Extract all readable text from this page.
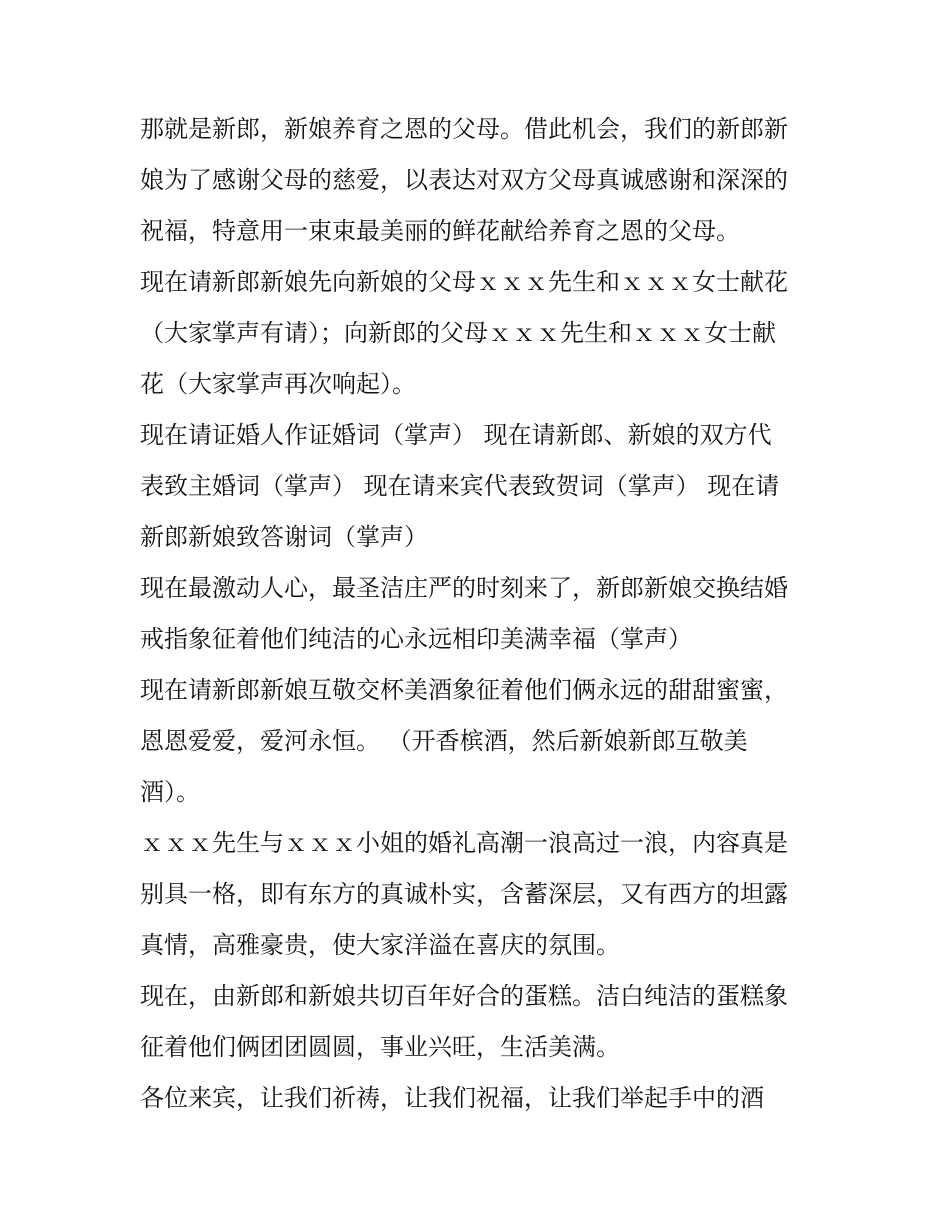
那就是新郎，新娘养育之恩的父母。借此机会，我们的新郎新
娘为了感谢父母的慈爱，以表达对双方父母真诚感谢和深深的
祝福，特意用一束束最美丽的鲜花献给养育之恩的父母。
现在请新郎新娘先向新娘的父母ｘｘｘ先生和ｘｘｘ女士献花
（大家掌声有请）；向新郎的父母ｘｘｘ先生和ｘｘｘ女士献
花（大家掌声再次响起）。
现在请证婚人作证婚词（掌声） 现在请新郎、新娘的双方代
表致主婚词（掌声） 现在请来宾代表致贺词（掌声） 现在请
新郎新娘致答谢词（掌声）
现在最激动人心，最圣洁庄严的时刻来了，新郎新娘交换结婚
戒指象征着他们纯洁的心永远相印美满幸福（掌声）
现在请新郎新娘互敬交杯美酒象征着他们俩永远的甜甜蜜蜜，
恩恩爱爱，爱河永恒。 （开香槟酒，然后新娘新郎互敬美
酒）。
ｘｘｘ先生与ｘｘｘ小姐的婚礼高潮一浪高过一浪，内容真是
别具一格，即有东方的真诚朴实，含蓄深层，又有西方的坦露
真情，高雅豪贵，使大家洋溢在喜庆的氛围。
现在，由新郎和新娘共切百年好合的蛋糕。洁白纯洁的蛋糕象
征着他们俩团团圆圆，事业兴旺，生活美满。
各位来宾，让我们祈祷，让我们祝福，让我们举起手中的酒
